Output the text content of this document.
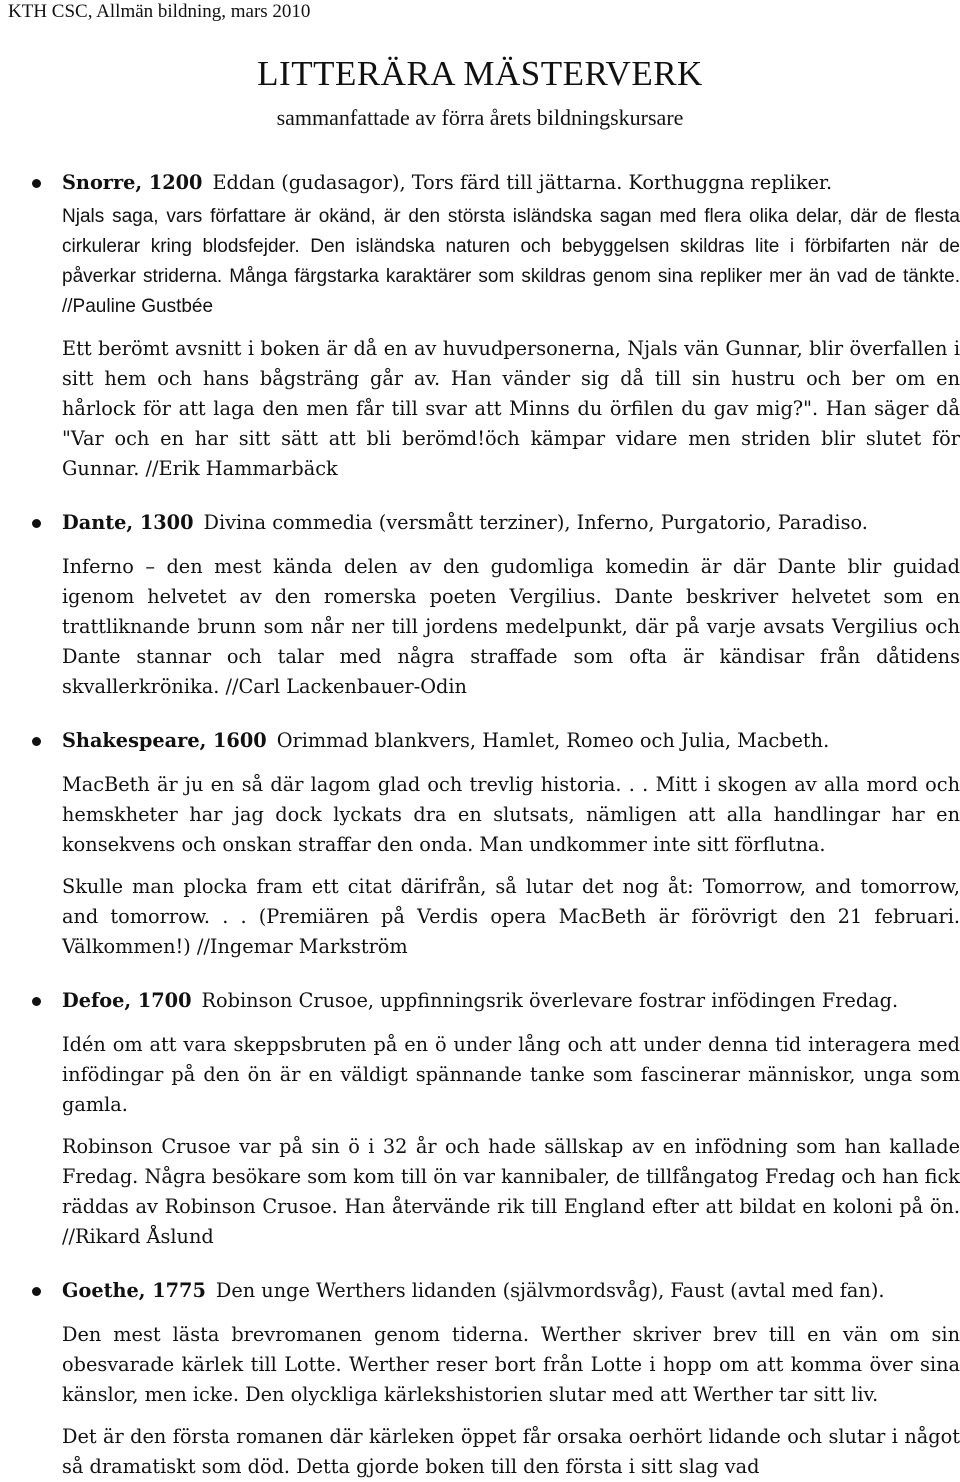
KTH CSC, Allmän bildning, mars 2010
LITTERÄRA MÄSTERVERK
sammanfattade av förra årets bildningskursare
Snorre, 1200 Eddan (gudasagor), Tors färd till jättarna. Korthuggna repliker.

Njals saga, vars författare är okänd, är den största isländska sagan med flera olika delar, där de flesta cirkulerar kring blodsfejder. Den isländska naturen och bebyggelsen skildras lite i förbifarten när de påverkar striderna. Många färgstarka karaktärer som skildras genom sina repliker mer än vad de tänkte. //Pauline Gustbée

Ett berömt avsnitt i boken är då en av huvudpersonerna, Njals vän Gunnar, blir överfallen i sitt hem och hans bågsträng går av. Han vänder sig då till sin hustru och ber om en hårlock för att laga den men får till svar att Minns du örfilen du gav mig?". Han säger då "Var och en har sitt sätt att bli berömd!öch kämpar vidare men striden blir slutet för Gunnar. //Erik Hammarbäck

Dante, 1300 Divina commedia (versmått terziner), Inferno, Purgatorio, Paradiso.

Inferno – den mest kända delen av den gudomliga komedin är där Dante blir guidad igenom helvetet av den romerska poeten Vergilius. Dante beskriver helvetet som en trattliknande brunn som når ner till jordens medelpunkt, där på varje avsats Vergilius och Dante stannar och talar med några straffade som ofta är kändisar från dåtidens skvallerkrönika. //Carl Lackenbauer-Odin

Shakespeare, 1600 Orimmad blankvers, Hamlet, Romeo och Julia, Macbeth.

MacBeth är ju en så där lagom glad och trevlig historia. . . Mitt i skogen av alla mord och hemskheter har jag dock lyckats dra en slutsats, nämligen att alla handlingar har en konsekvens och onskan straffar den onda. Man undkommer inte sitt förflutna.

Skulle man plocka fram ett citat därifrån, så lutar det nog åt: Tomorrow, and tomorrow, and tomorrow. . . (Premiären på Verdis opera MacBeth är förövrigt den 21 februari. Välkommen!) //Ingemar Markström

Defoe, 1700 Robinson Crusoe, uppfinningsrik överlevare fostrar infödingen Fredag.

Idén om att vara skeppsbruten på en ö under lång och att under denna tid interagera med infödingar på den ön är en väldigt spännande tanke som fascinerar människor, unga som gamla.

Robinson Crusoe var på sin ö i 32 år och hade sällskap av en infödning som han kallade Fredag. Några besökare som kom till ön var kannibaler, de tillfångatog Fredag och han fick räddas av Robinson Crusoe. Han återvände rik till England efter att bildat en koloni på ön. //Rikard Åslund

Goethe, 1775 Den unge Werthers lidanden (självmordsvåg), Faust (avtal med fan).

Den mest lästa brevromanen genom tiderna. Werther skriver brev till en vän om sin obesvarade kärlek till Lotte. Werther reser bort från Lotte i hopp om att komma över sina känslor, men icke. Den olyckliga kärlekshistorien slutar med att Werther tar sitt liv.

Det är den första romanen där kärleken öppet får orsaka oerhört lidande och slutar i något så dramatiskt som död. Detta gjorde boken till den första i sitt slag vad
